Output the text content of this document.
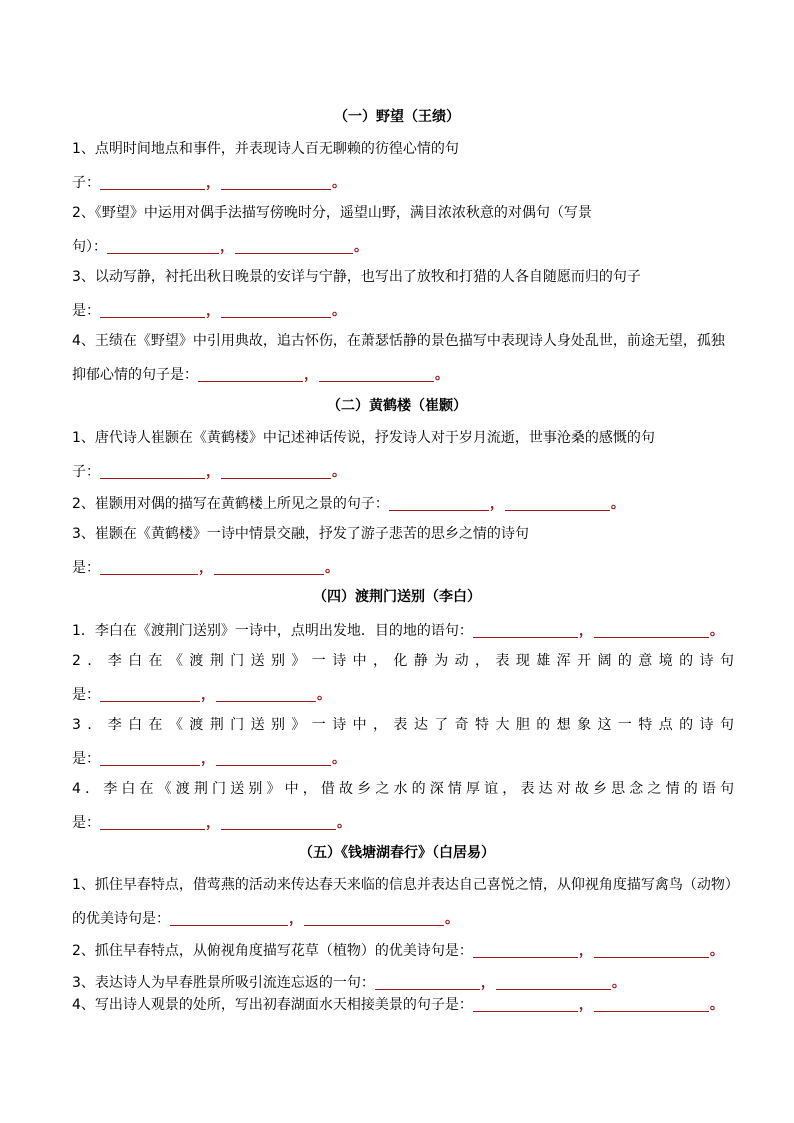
（一）野望（王绩）
1、点明时间地点和事件，并表现诗人百无聊赖的彷徨心情的句
子：	，	。
2、《野望》中运用对偶手法描写傍晚时分，遥望山野，满目浓浓秋意的对偶句（写景
句）：	，	。
3、以动写静，衬托出秋日晚景的安详与宁静，也写出了放牧和打猎的人各自随愿而归的句子
是：	，	。
4、王绩在《野望》中引用典故，追古怀伤，在萧瑟恬静的景色描写中表现诗人身处乱世，前途无望，孤独
抑郁心情的句子是：	，	。
（二）黄鹤楼（崔颢）
1、唐代诗人崔颢在《黄鹤楼》中记述神话传说，抒发诗人对于岁月流逝，世事沧桑的感慨的句
子：	，	。
2、崔颢用对偶的描写在黄鹤楼上所见之景的句子：	，	。
3、崔颢在《黄鹤楼》一诗中情景交融，抒发了游子悲苦的思乡之情的诗句
是：	，	。
（四）渡荆门送别（李白）
1．李白在《渡荆门送别》一诗中，点明出发地．目的地的语句：	，	。
2 ． 李 白 在 《 渡 荆 门 送 别 》 一 诗 中 ， 化 静 为 动 ， 表 现 雄 浑 开 阔 的 意 境 的 诗 句
是：	，	。
3 ． 李 白 在 《 渡 荆 门 送 别 》 一 诗 中 ， 表 达 了 奇 特 大 胆 的 想 象 这 一 特 点 的 诗 句
是：	，	。
4 ． 李 白 在 《 渡 荆 门 送 别 》 中 ， 借 故 乡 之 水 的 深 情 厚 谊 ， 表 达 对 故 乡 思 念 之 情 的 语 句
是：	，	。
（五）《钱塘湖春行》（白居易）
1、抓住早春特点，借莺燕的活动来传达春天来临的信息并表达自己喜悦之情，从仰视角度描写禽鸟（动物）
的优美诗句是：	，	。
2、抓住早春特点，从俯视角度描写花草（植物）的优美诗句是：	，	。
3、表达诗人为早春胜景所吸引流连忘返的一句：	，	。
4、写出诗人观景的处所，写出初春湖面水天相接美景的句子是：	，	。
